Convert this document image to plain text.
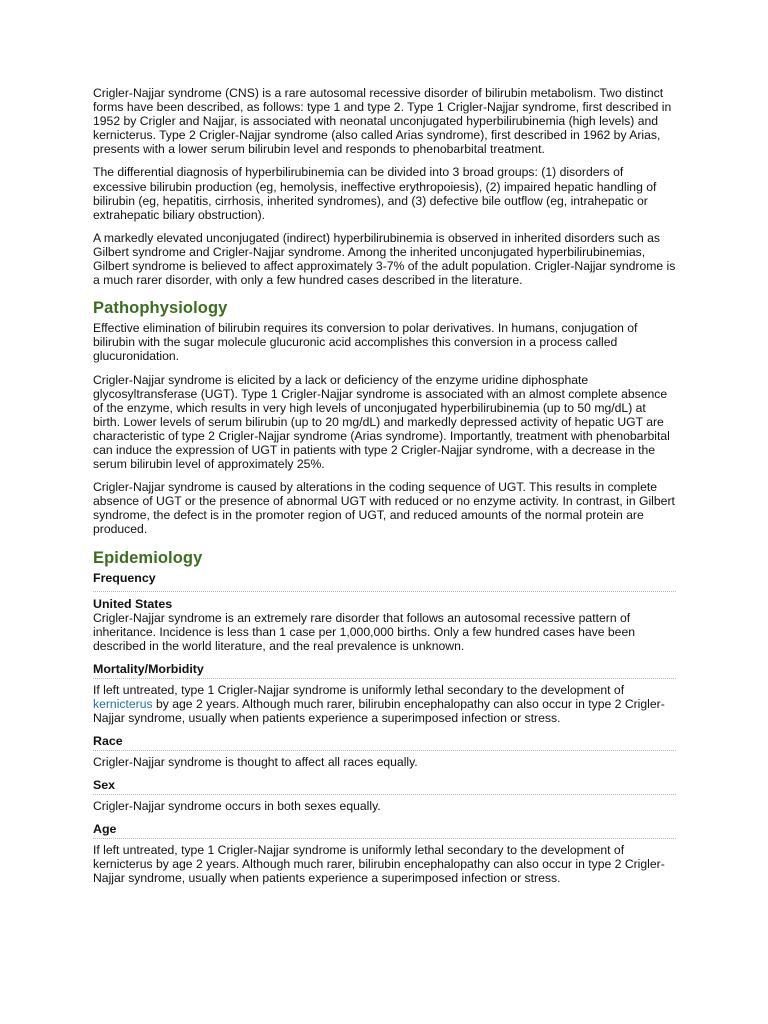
Crigler-Najjar syndrome (CNS) is a rare autosomal recessive disorder of bilirubin metabolism. Two distinct forms have been described, as follows: type 1 and type 2. Type 1 Crigler-Najjar syndrome, first described in 1952 by Crigler and Najjar, is associated with neonatal unconjugated hyperbilirubinemia (high levels) and kernicterus. Type 2 Crigler-Najjar syndrome (also called Arias syndrome), first described in 1962 by Arias, presents with a lower serum bilirubin level and responds to phenobarbital treatment.

The differential diagnosis of hyperbilirubinemia can be divided into 3 broad groups: (1) disorders of excessive bilirubin production (eg, hemolysis, ineffective erythropoiesis), (2) impaired hepatic handling of bilirubin (eg, hepatitis, cirrhosis, inherited syndromes), and (3) defective bile outflow (eg, intrahepatic or extrahepatic biliary obstruction).

A markedly elevated unconjugated (indirect) hyperbilirubinemia is observed in inherited disorders such as Gilbert syndrome and Crigler-Najjar syndrome. Among the inherited unconjugated hyperbilirubinemias, Gilbert syndrome is believed to affect approximately 3-7% of the adult population. Crigler-Najjar syndrome is a much rarer disorder, with only a few hundred cases described in the literature.

Pathophysiology

Effective elimination of bilirubin requires its conversion to polar derivatives. In humans, conjugation of bilirubin with the sugar molecule glucuronic acid accomplishes this conversion in a process called glucuronidation.

Crigler-Najjar syndrome is elicited by a lack or deficiency of the enzyme uridine diphosphate glycosyltransferase (UGT). Type 1 Crigler-Najjar syndrome is associated with an almost complete absence of the enzyme, which results in very high levels of unconjugated hyperbilirubinemia (up to 50 mg/dL) at birth. Lower levels of serum bilirubin (up to 20 mg/dL) and markedly depressed activity of hepatic UGT are characteristic of type 2 Crigler-Najjar syndrome (Arias syndrome). Importantly, treatment with phenobarbital can induce the expression of UGT in patients with type 2 Crigler-Najjar syndrome, with a decrease in the serum bilirubin level of approximately 25%.

Crigler-Najjar syndrome is caused by alterations in the coding sequence of UGT. This results in complete absence of UGT or the presence of abnormal UGT with reduced or no enzyme activity. In contrast, in Gilbert syndrome, the defect is in the promoter region of UGT, and reduced amounts of the normal protein are produced.

Epidemiology
Frequency
United States

Crigler-Najjar syndrome is an extremely rare disorder that follows an autosomal recessive pattern of inheritance. Incidence is less than 1 case per 1,000,000 births. Only a few hundred cases have been described in the world literature, and the real prevalence is unknown.

Mortality/Morbidity

If left untreated, type 1 Crigler-Najjar syndrome is uniformly lethal secondary to the development of kernicterus by age 2 years. Although much rarer, bilirubin encephalopathy can also occur in type 2 Crigler-Najjar syndrome, usually when patients experience a superimposed infection or stress.

Race

Crigler-Najjar syndrome is thought to affect all races equally.

Sex

Crigler-Najjar syndrome occurs in both sexes equally.

Age

If left untreated, type 1 Crigler-Najjar syndrome is uniformly lethal secondary to the development of kernicterus by age 2 years. Although much rarer, bilirubin encephalopathy can also occur in type 2 Crigler-Najjar syndrome, usually when patients experience a superimposed infection or stress.
